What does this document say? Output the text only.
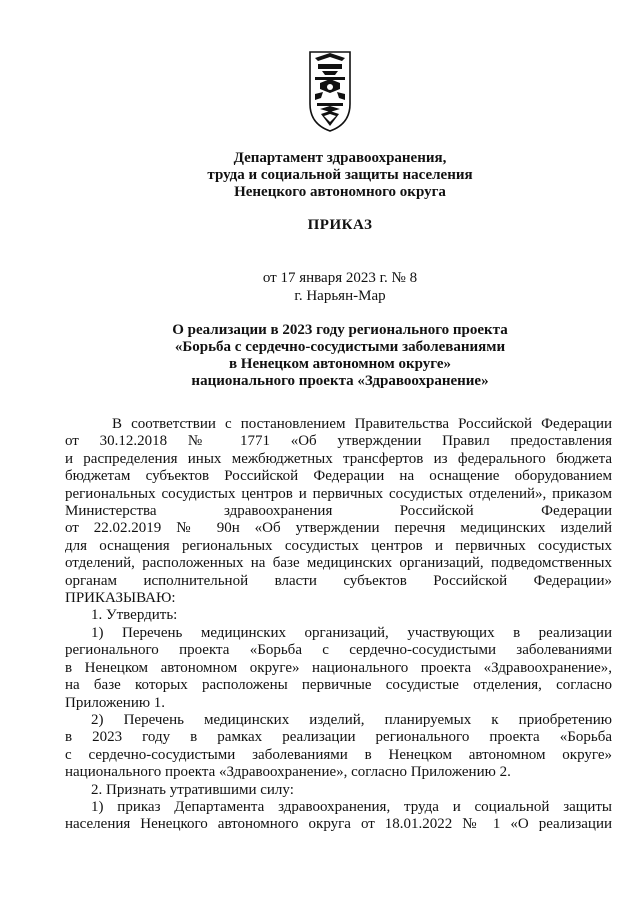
Департамент здравоохранения,
труда и социальной защиты населения
Ненецкого автономного округа
ПРИКАЗ
от 17 января 2023 г. № 8
г. Нарьян-Мар
О реализации в 2023 году регионального проекта
«Борьба с сердечно-сосудистыми заболеваниями
в Ненецком автономном округе»
национального проекта «Здравоохранение»
В соответствии с постановлением Правительства Российской Федерации
от 30.12.2018 № 1771 «Об утверждении Правил предоставления
и распределения иных межбюджетных трансфертов из федерального бюджета
бюджетам субъектов Российской Федерации на оснащение оборудованием
региональных сосудистых центров и первичных сосудистых отделений», приказом
Министерства здравоохранения Российской Федерации
от 22.02.2019 № 90н «Об утверждении перечня медицинских изделий
для оснащения региональных сосудистых центров и первичных сосудистых
отделений, расположенных на базе медицинских организаций, подведомственных
органам исполнительной власти субъектов Российской Федерации»
ПРИКАЗЫВАЮ:
1. Утвердить:
1) Перечень медицинских организаций, участвующих в реализации
регионального проекта «Борьба с сердечно-сосудистыми заболеваниями
в Ненецком автономном округе» национального проекта «Здравоохранение»,
на базе которых расположены первичные сосудистые отделения, согласно
Приложению 1.
2) Перечень медицинских изделий, планируемых к приобретению
в 2023 году в рамках реализации регионального проекта «Борьба
с сердечно-сосудистыми заболеваниями в Ненецком автономном округе»
национального проекта «Здравоохранение», согласно Приложению 2.
2. Признать утратившими силу:
1) приказ Департамента здравоохранения, труда и социальной защиты
населения Ненецкого автономного округа от 18.01.2022 № 1 «О реализации
